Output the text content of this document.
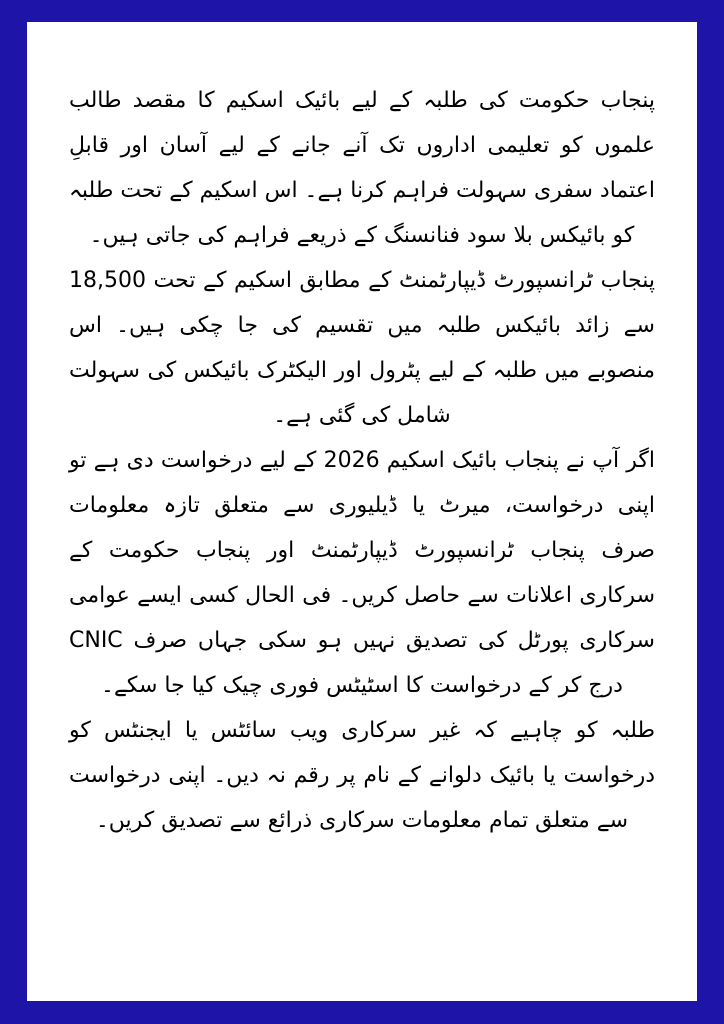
پنجاب حکومت کی طلبہ کے لیے بائیک اسکیم کا مقصد طالب علموں کو تعلیمی اداروں تک آنے جانے کے لیے آسان اور قابلِ اعتماد سفری سہولت فراہم کرنا ہے۔ اس اسکیم کے تحت طلبہ کو بائیکس بلا سود فنانسنگ کے ذریعے فراہم کی جاتی ہیں۔

پنجاب ٹرانسپورٹ ڈیپارٹمنٹ کے مطابق اسکیم کے تحت 18,500 سے زائد بائیکس طلبہ میں تقسیم کی جا چکی ہیں۔ اس منصوبے میں طلبہ کے لیے پٹرول اور الیکٹرک بائیکس کی سہولت شامل کی گئی ہے۔

اگر آپ نے پنجاب بائیک اسکیم 2026 کے لیے درخواست دی ہے تو اپنی درخواست، میرٹ یا ڈیلیوری سے متعلق تازہ معلومات صرف پنجاب ٹرانسپورٹ ڈیپارٹمنٹ اور پنجاب حکومت کے سرکاری اعلانات سے حاصل کریں۔ فی الحال کسی ایسے عوامی سرکاری پورٹل کی تصدیق نہیں ہو سکی جہاں صرف CNIC درج کر کے درخواست کا اسٹیٹس فوری چیک کیا جا سکے۔

طلبہ کو چاہیے کہ غیر سرکاری ویب سائٹس یا ایجنٹس کو درخواست یا بائیک دلوانے کے نام پر رقم نہ دیں۔ اپنی درخواست سے متعلق تمام معلومات سرکاری ذرائع سے تصدیق کریں۔
